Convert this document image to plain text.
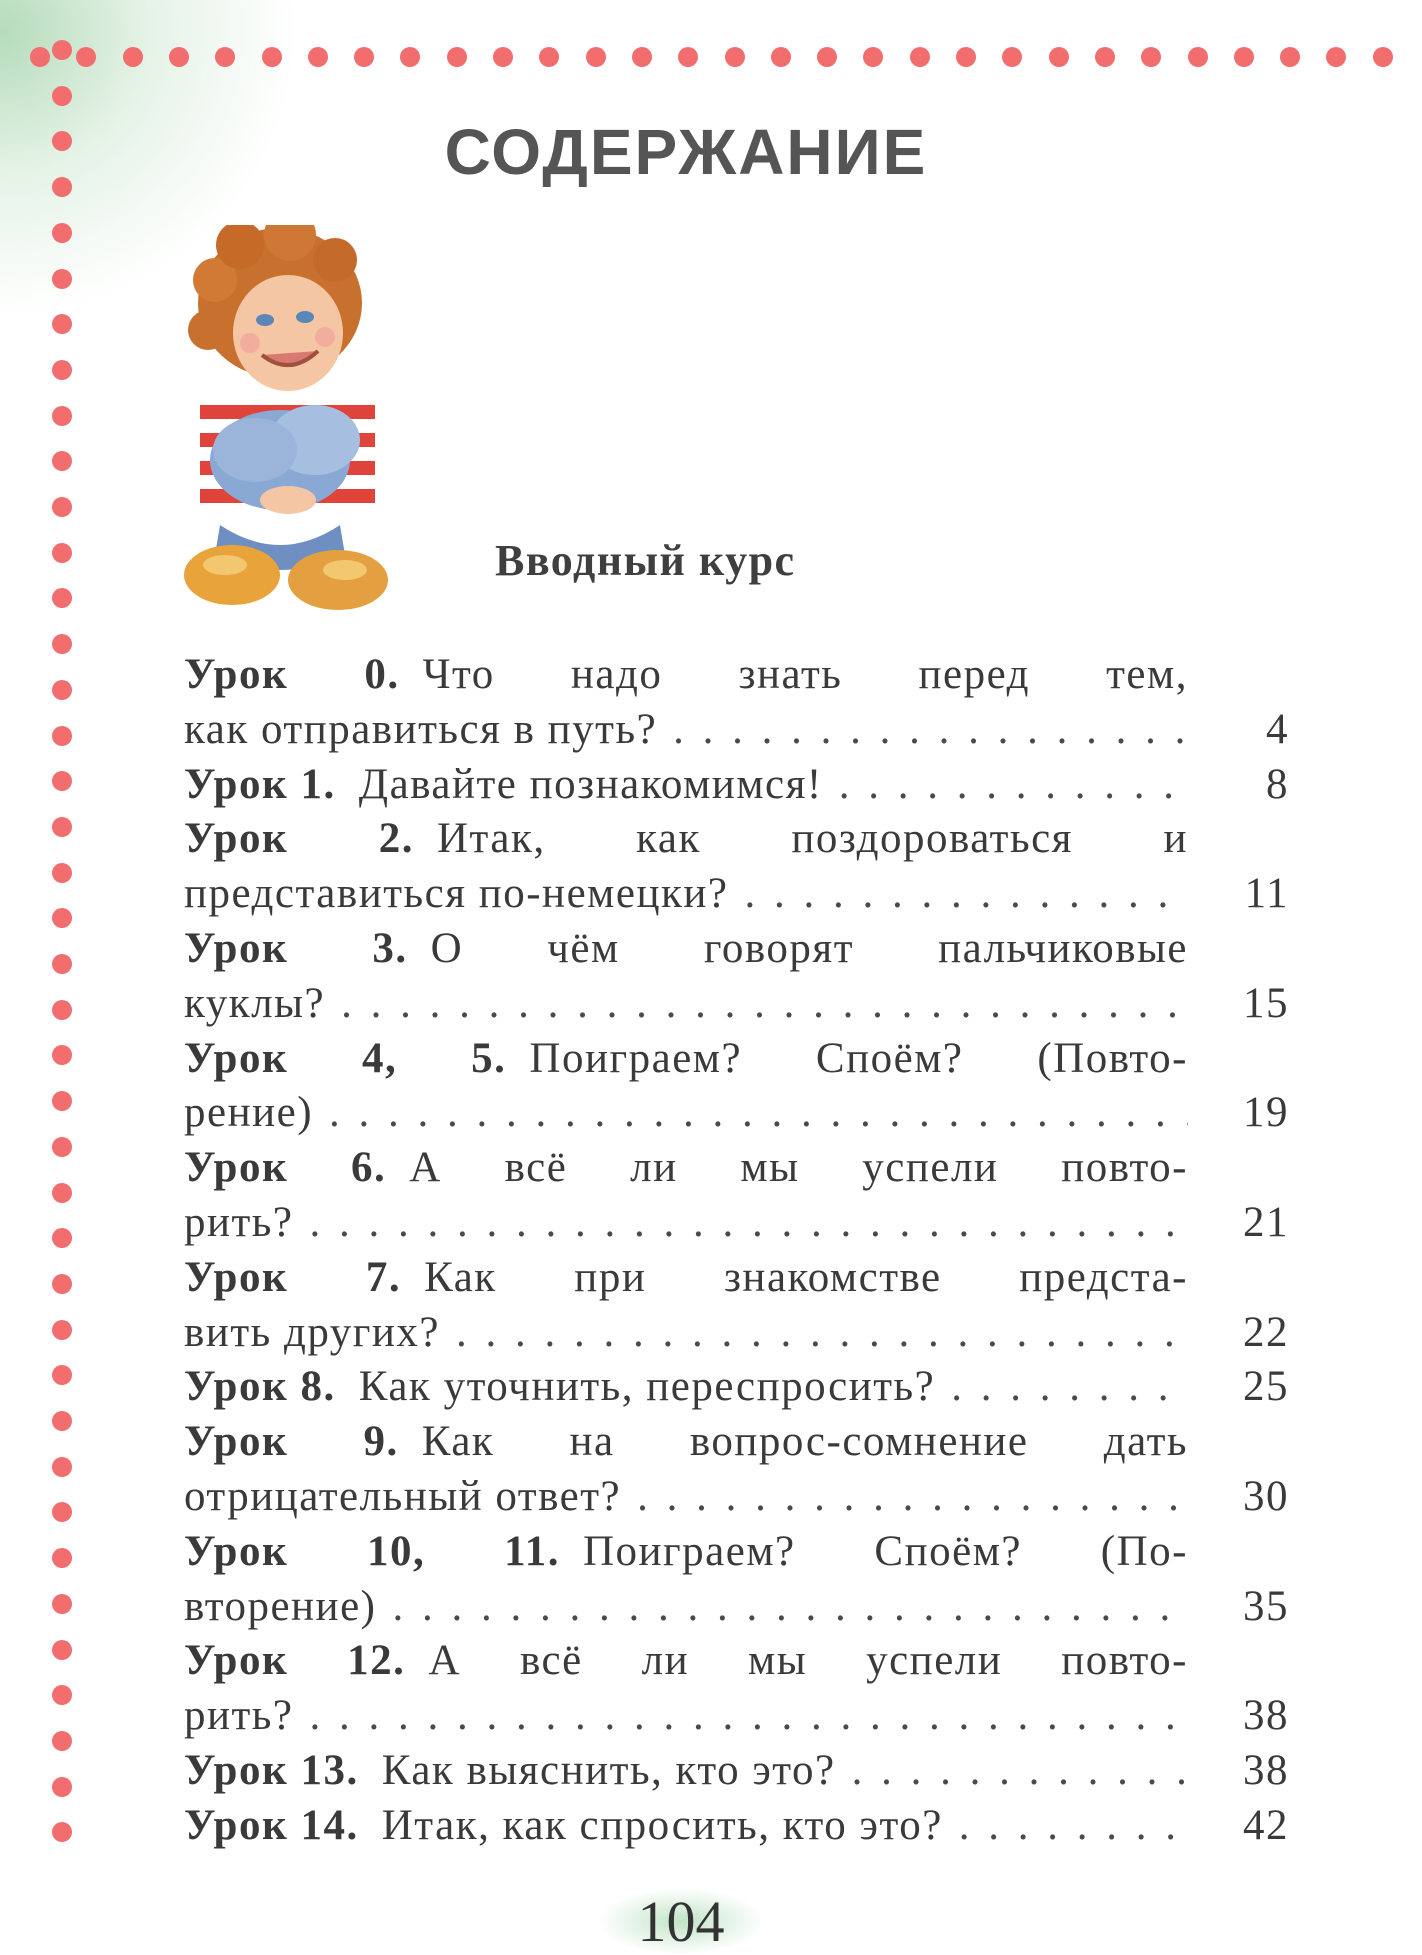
СОДЕРЖАНИЕ
Вводный курс
Урок 0.  Что надо знать перед тем,
как отправиться в путь? . . .	4
Урок 1.  Давайте познакомимся! . . .	8
Урок 2.  Итак, как поздороваться и
представиться по-немецки? . . .	11
Урок 3.  О чём говорят пальчиковые
куклы? . . .	15
Урок 4, 5.  Поиграем? Споём? (Повто-
рение) . . .	19
Урок 6.  А всё ли мы успели повто-
рить? . . .	21
Урок 7.  Как при знакомстве предста-
вить других? . . .	22
Урок 8.  Как уточнить, переспросить? . . .	25
Урок 9.  Как на вопрос-сомнение дать
отрицательный ответ? . . .	30
Урок 10, 11.  Поиграем? Споём? (По-
вторение) . . .	35
Урок 12.  А всё ли мы успели повто-
рить? . . .	38
Урок 13.  Как выяснить, кто это? . . .	38
Урок 14.  Итак, как спросить, кто это? . . .	42
104
